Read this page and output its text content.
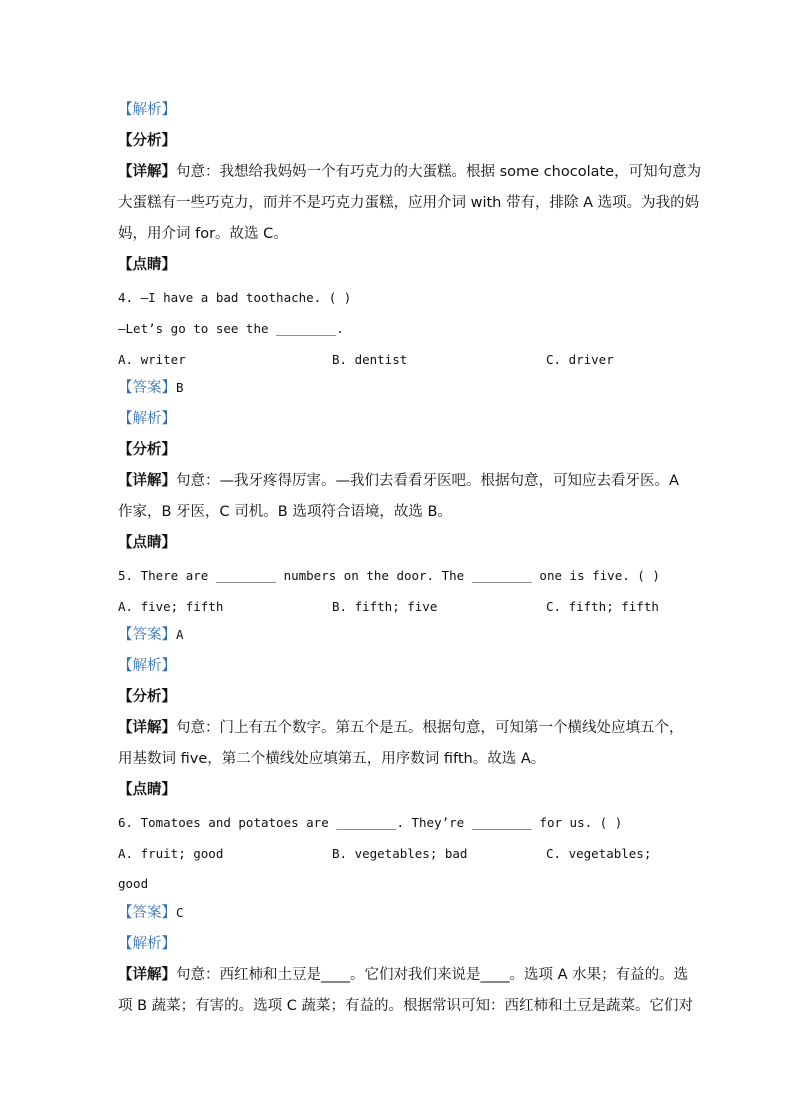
【解析】
【分析】
【详解】句意：我想给我妈妈一个有巧克力的大蛋糕。根据 some chocolate，可知句意为
大蛋糕有一些巧克力，而并不是巧克力蛋糕，应用介词 with 带有，排除 A 选项。为我的妈
妈，用介词 for。故选 C。
【点睛】
4. —I have a bad toothache. ( )
—Let’s go to see the ________.
A. writer	B. dentist	C. driver
【答案】B
【解析】
【分析】
【详解】句意：—我牙疼得厉害。—我们去看看牙医吧。根据句意，可知应去看牙医。A
作家，B 牙医，C 司机。B 选项符合语境，故选 B。
【点睛】
5. There are ________ numbers on the door. The ________ one is five. ( )
A. five; fifth	B. fifth; five	C. fifth; fifth
【答案】A
【解析】
【分析】
【详解】句意：门上有五个数字。第五个是五。根据句意，可知第一个横线处应填五个，
用基数词 five，第二个横线处应填第五，用序数词 fifth。故选 A。
【点睛】
6. Tomatoes and potatoes are ________. They’re ________ for us. ( )
A. fruit; good	B. vegetables; bad	C. vegetables;
good
【答案】C
【解析】
【详解】句意：西红柿和土豆是____。它们对我们来说是____。选项 A 水果；有益的。选
项 B 蔬菜；有害的。选项 C 蔬菜；有益的。根据常识可知：西红柿和土豆是蔬菜。它们对
